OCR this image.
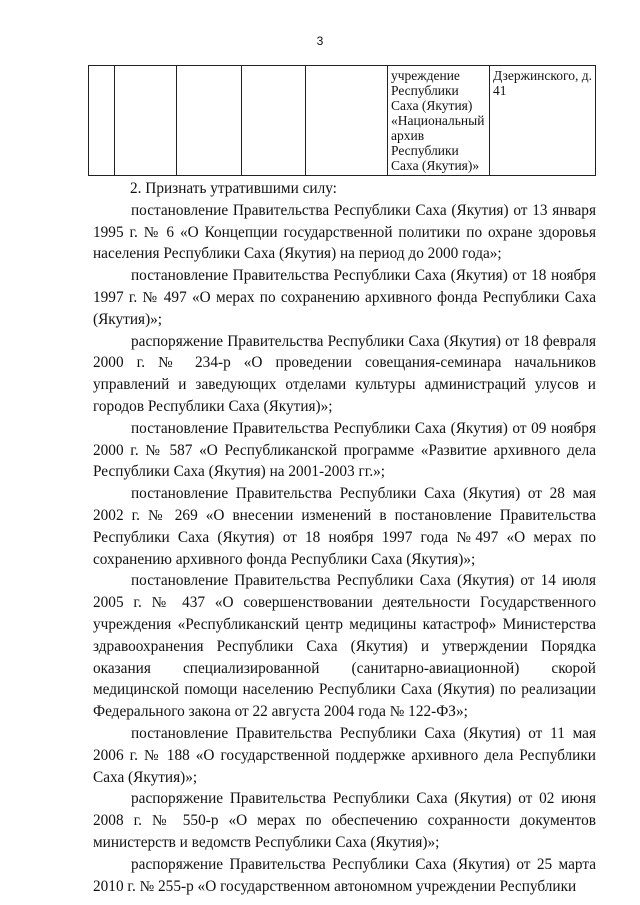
3
					учреждение Республики Саха (Якутия) «Национальный архив Республики Саха (Якутия)»	Дзержинского, д. 41

2. Признать утратившими силу:

постановление Правительства Республики Саха (Якутия) от 13 января 1995 г. № 6 «О Концепции государственной политики по охране здоровья населения Республики Саха (Якутия) на период до 2000 года»;

постановление Правительства Республики Саха (Якутия) от 18 ноября 1997 г. № 497 «О мерах по сохранению архивного фонда Республики Саха (Якутия)»;

распоряжение Правительства Республики Саха (Якутия) от 18 февраля 2000 г. № 234-р «О проведении совещания-семинара начальников управлений и заведующих отделами культуры администраций улусов и городов Республики Саха (Якутия)»;

постановление Правительства Республики Саха (Якутия) от 09 ноября 2000 г. № 587 «О Республиканской программе «Развитие архивного дела Республики Саха (Якутия) на 2001-2003 гг.»;

постановление Правительства Республики Саха (Якутия) от 28 мая 2002 г. № 269 «О внесении изменений в постановление Правительства Республики Саха (Якутия) от 18 ноября 1997 года №497 «О мерах по сохранению архивного фонда Республики Саха (Якутия)»;

постановление Правительства Республики Саха (Якутия) от 14 июля 2005 г. № 437 «О совершенствовании деятельности Государственного учреждения «Республиканский центр медицины катастроф» Министерства здравоохранения Республики Саха (Якутия) и утверждении Порядка оказания специализированной (санитарно-авиационной) скорой медицинской помощи населению Республики Саха (Якутия) по реализации Федерального закона от 22 августа 2004 года № 122-ФЗ»;

постановление Правительства Республики Саха (Якутия) от 11 мая 2006 г. № 188 «О государственной поддержке архивного дела Республики Саха (Якутия)»;

распоряжение Правительства Республики Саха (Якутия) от 02 июня 2008 г. № 550-р «О мерах по обеспечению сохранности документов министерств и ведомств Республики Саха (Якутия)»;

распоряжение Правительства Республики Саха (Якутия) от 25 марта 2010 г. № 255-р «О государственном автономном учреждении Республики
